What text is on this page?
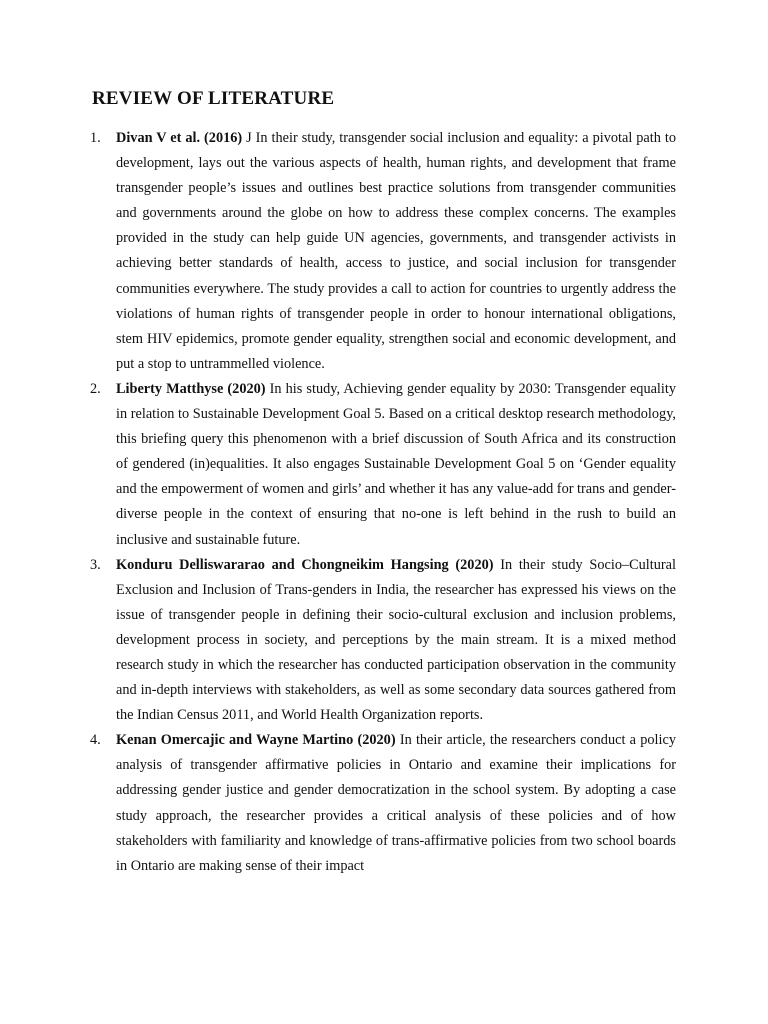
REVIEW OF LITERATURE
1. Divan V et al. (2016) J In their study, transgender social inclusion and equality: a pivotal path to development, lays out the various aspects of health, human rights, and development that frame transgender people’s issues and outlines best practice solutions from transgender communities and governments around the globe on how to address these complex concerns. The examples provided in the study can help guide UN agencies, governments, and transgender activists in achieving better standards of health, access to justice, and social inclusion for transgender communities everywhere. The study provides a call to action for countries to urgently address the violations of human rights of transgender people in order to honour international obligations, stem HIV epidemics, promote gender equality, strengthen social and economic development, and put a stop to untrammelled violence.
2. Liberty Matthyse (2020) In his study, Achieving gender equality by 2030: Transgender equality in relation to Sustainable Development Goal 5. Based on a critical desktop research methodology, this briefing query this phenomenon with a brief discussion of South Africa and its construction of gendered (in)equalities. It also engages Sustainable Development Goal 5 on ‘Gender equality and the empowerment of women and girls’ and whether it has any value-add for trans and gender-diverse people in the context of ensuring that no-one is left behind in the rush to build an inclusive and sustainable future.
3. Konduru Delliswararao and Chongneikim Hangsing (2020) In their study Socio–Cultural Exclusion and Inclusion of Trans-genders in India, the researcher has expressed his views on the issue of transgender people in defining their socio-cultural exclusion and inclusion problems, development process in society, and perceptions by the main stream. It is a mixed method research study in which the researcher has conducted participation observation in the community and in-depth interviews with stakeholders, as well as some secondary data sources gathered from the Indian Census 2011, and World Health Organization reports.
4. Kenan Omercajic and Wayne Martino (2020) In their article, the researchers conduct a policy analysis of transgender affirmative policies in Ontario and examine their implications for addressing gender justice and gender democratization in the school system. By adopting a case study approach, the researcher provides a critical analysis of these policies and of how stakeholders with familiarity and knowledge of trans-affirmative policies from two school boards in Ontario are making sense of their impact
